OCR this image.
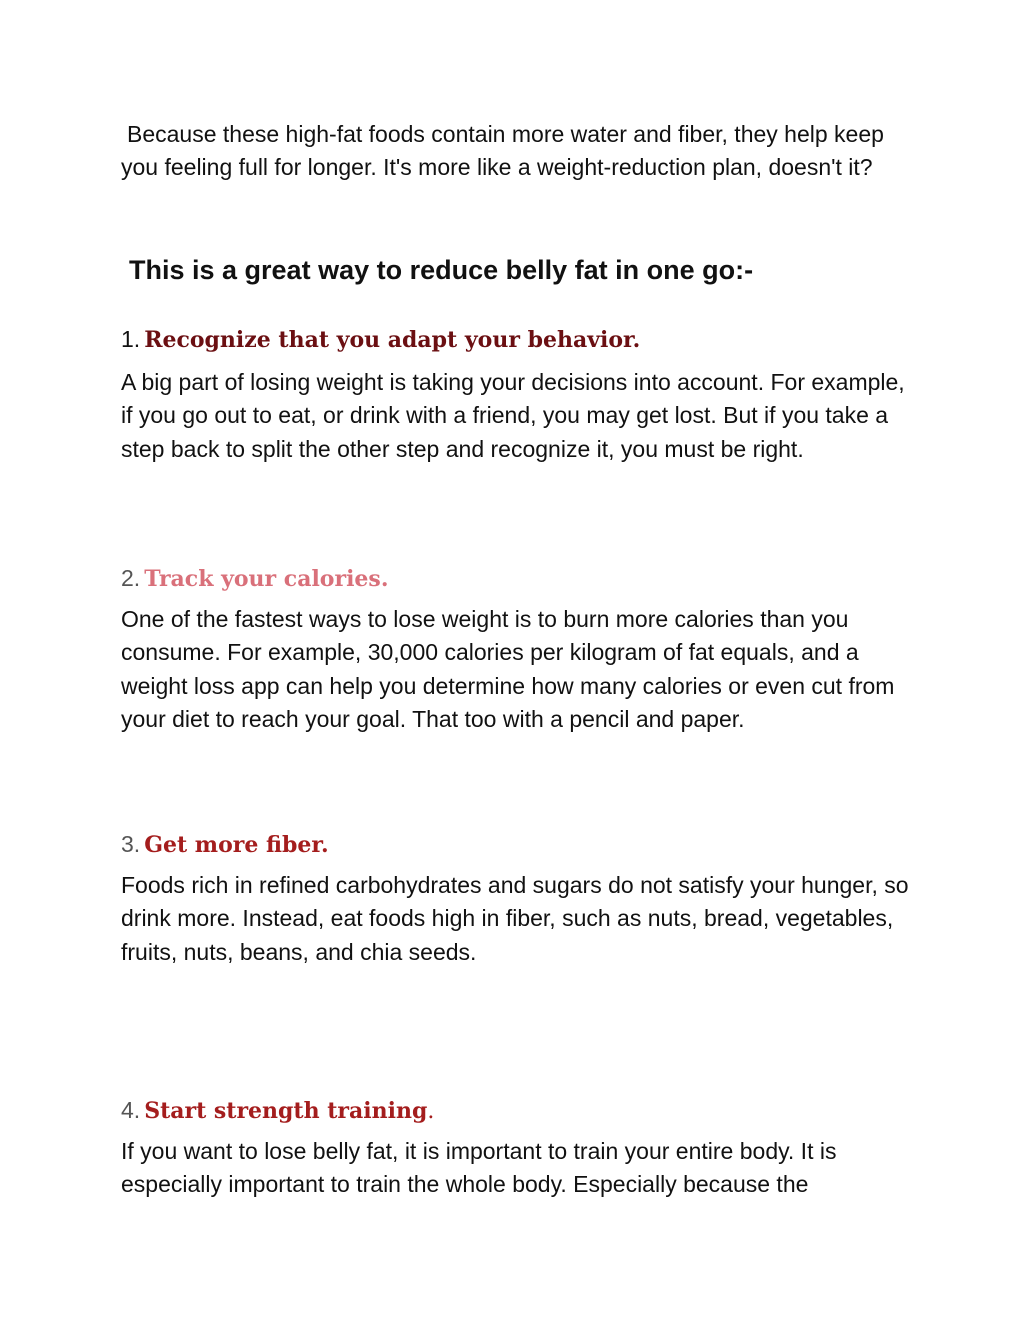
Because these high-fat foods contain more water and fiber, they help keep you feeling full for longer. It's more like a weight-reduction plan, doesn't it?

This is a great way to reduce belly fat in one go:-
1. Recognize that you adapt your behavior.

A big part of losing weight is taking your decisions into account. For example, if you go out to eat, or drink with a friend, you may get lost. But if you take a step back to split the other step and recognize it, you must be right.

2. Track your calories.

One of the fastest ways to lose weight is to burn more calories than you consume. For example, 30,000 calories per kilogram of fat equals, and a weight loss app can help you determine how many calories or even cut from your diet to reach your goal. That too with a pencil and paper.

3. Get more fiber.

Foods rich in refined carbohydrates and sugars do not satisfy your hunger, so drink more. Instead, eat foods high in fiber, such as nuts, bread, vegetables, fruits, nuts, beans, and chia seeds.

4. Start strength training.

If you want to lose belly fat, it is important to train your entire body. It is especially important to train the whole body. Especially because the
